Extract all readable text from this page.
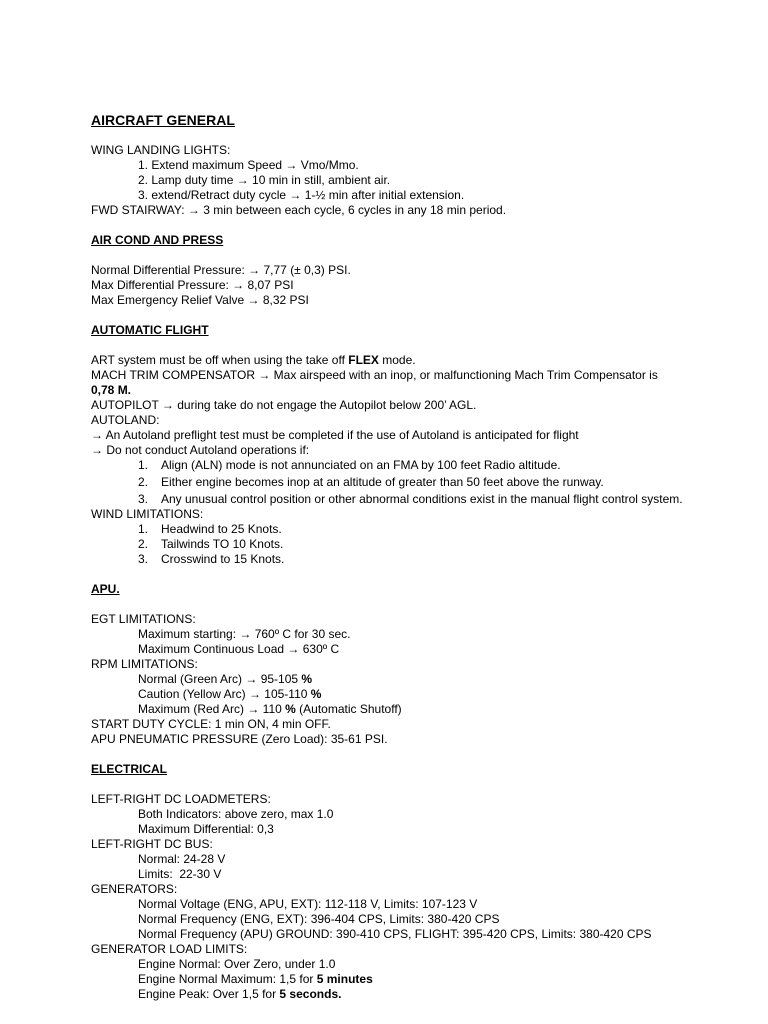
AIRCRAFT GENERAL
WING LANDING LIGHTS:
1. Extend maximum Speed → Vmo/Mmo.
2. Lamp duty time → 10 min in still, ambient air.
3. extend/Retract duty cycle → 1-½ min after initial extension.
FWD STAIRWAY: → 3 min between each cycle, 6 cycles in any 18 min period.
AIR COND AND PRESS
Normal Differential Pressure: → 7,77 (± 0,3) PSI.
Max Differential Pressure: → 8,07 PSI
Max Emergency Relief Valve → 8,32 PSI
AUTOMATIC FLIGHT
ART system must be off when using the take off FLEX mode.
MACH TRIM COMPENSATOR → Max airspeed with an inop, or malfunctioning Mach Trim Compensator is
0,78 M.
AUTOPILOT → during take do not engage the Autopilot below 200’ AGL.
AUTOLAND:
→ An Autoland preflight test must be completed if the use of Autoland is anticipated for flight
→ Do not conduct Autoland operations if:
1. Align (ALN) mode is not annunciated on an FMA by 100 feet Radio altitude.
2. Either engine becomes inop at an altitude of greater than 50 feet above the runway.
3. Any unusual control position or other abnormal conditions exist in the manual flight control system.
WIND LIMITATIONS:
1. Headwind to 25 Knots.
2. Tailwinds TO 10 Knots.
3. Crosswind to 15 Knots.
APU.
EGT LIMITATIONS:
Maximum starting: → 760º C for 30 sec.
Maximum Continuous Load → 630º C
RPM LIMITATIONS:
Normal (Green Arc) → 95-105 %
Caution (Yellow Arc) → 105-110 %
Maximum (Red Arc) → 110 % (Automatic Shutoff)
START DUTY CYCLE: 1 min ON, 4 min OFF.
APU PNEUMATIC PRESSURE (Zero Load): 35-61 PSI.
ELECTRICAL
LEFT-RIGHT DC LOADMETERS:
Both Indicators: above zero, max 1.0
Maximum Differential: 0,3
LEFT-RIGHT DC BUS:
Normal: 24-28 V
Limits:  22-30 V
GENERATORS:
Normal Voltage (ENG, APU, EXT): 112-118 V, Limits: 107-123 V
Normal Frequency (ENG, EXT): 396-404 CPS, Limits: 380-420 CPS
Normal Frequency (APU) GROUND: 390-410 CPS, FLIGHT: 395-420 CPS, Limits: 380-420 CPS
GENERATOR LOAD LIMITS:
Engine Normal: Over Zero, under 1.0
Engine Normal Maximum: 1,5 for 5 minutes
Engine Peak: Over 1,5 for 5 seconds.
